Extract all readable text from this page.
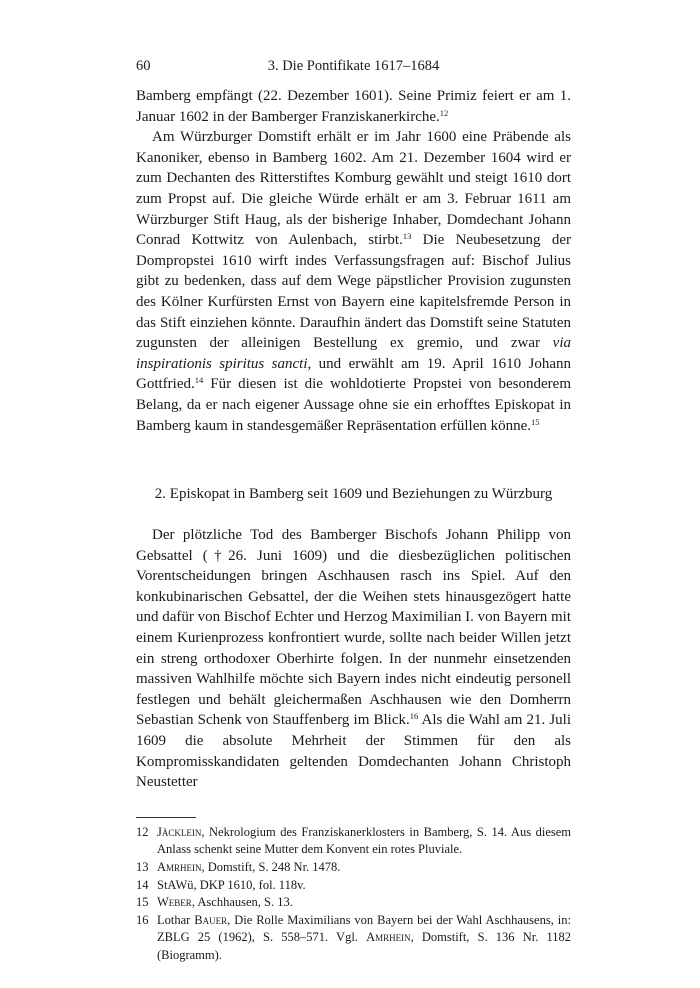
60	3. Die Pontifikate 1617–1684

Bamberg empfängt (22. Dezember 1601). Seine Primiz feiert er am 1. Januar 1602 in der Bamberger Franziskanerkirche.$^{12}$

Am Würzburger Domstift erhält er im Jahr 1600 eine Präbende als Kanoniker, ebenso in Bamberg 1602. Am 21. Dezember 1604 wird er zum Dechanten des Ritterstiftes Komburg gewählt und steigt 1610 dort zum Propst auf. Die gleiche Würde erhält er am 3. Februar 1611 am Würzburger Stift Haug, als der bisherige Inhaber, Domdechant Johann Conrad Kottwitz von Aulenbach, stirbt.$^{13}$ Die Neubesetzung der Dompropstei 1610 wirft indes Verfassungsfragen auf: Bischof Julius gibt zu bedenken, dass auf dem Wege päpstlicher Provision zugunsten des Kölner Kurfürsten Ernst von Bayern eine kapitelsfremde Person in das Stift einziehen könnte. Daraufhin ändert das Domstift seine Statuten zugunsten der alleinigen Bestellung ex gremio, und zwar via inspirationis spiritus sancti, und erwählt am 19. April 1610 Johann Gottfried.$^{14}$ Für diesen ist die wohldotierte Propstei von besonderem Belang, da er nach eigener Aussage ohne sie ein erhofftes Episkopat in Bamberg kaum in standesgemäßer Repräsentation erfüllen könne.$^{15}$

2. Episkopat in Bamberg seit 1609 und Beziehungen zu Würzburg

Der plötzliche Tod des Bamberger Bischofs Johann Philipp von Gebsattel (†26. Juni 1609) und die diesbezüglichen politischen Vorentscheidungen bringen Aschhausen rasch ins Spiel. Auf den konkubinarischen Gebsattel, der die Weihen stets hinausgezögert hatte und dafür von Bischof Echter und Herzog Maximilian I. von Bayern mit einem Kurienprozess konfrontiert wurde, sollte nach beider Willen jetzt ein streng orthodoxer Oberhirte folgen. In der nunmehr einsetzenden massiven Wahlhilfe möchte sich Bayern indes nicht eindeutig personell festlegen und behält gleichermaßen Aschhausen wie den Domherrn Sebastian Schenk von Stauffenberg im Blick.$^{16}$ Als die Wahl am 21. Juli 1609 die absolute Mehrheit der Stimmen für den als Kompromisskandidaten geltenden Domdechanten Johann Christoph Neustetter

12 Jäcklein, Nekrologium des Franziskanerklosters in Bamberg, S. 14. Aus diesem Anlass schenkt seine Mutter dem Konvent ein rotes Pluviale.
13 Amrhein, Domstift, S. 248 Nr. 1478.
14 StAWü, DKP 1610, fol. 118v.
15 Weber, Aschhausen, S. 13.
16 Lothar Bauer, Die Rolle Maximilians von Bayern bei der Wahl Aschhausens, in: ZBLG 25 (1962), S. 558–571. Vgl. Amrhein, Domstift, S. 136 Nr. 1182 (Biogramm).
